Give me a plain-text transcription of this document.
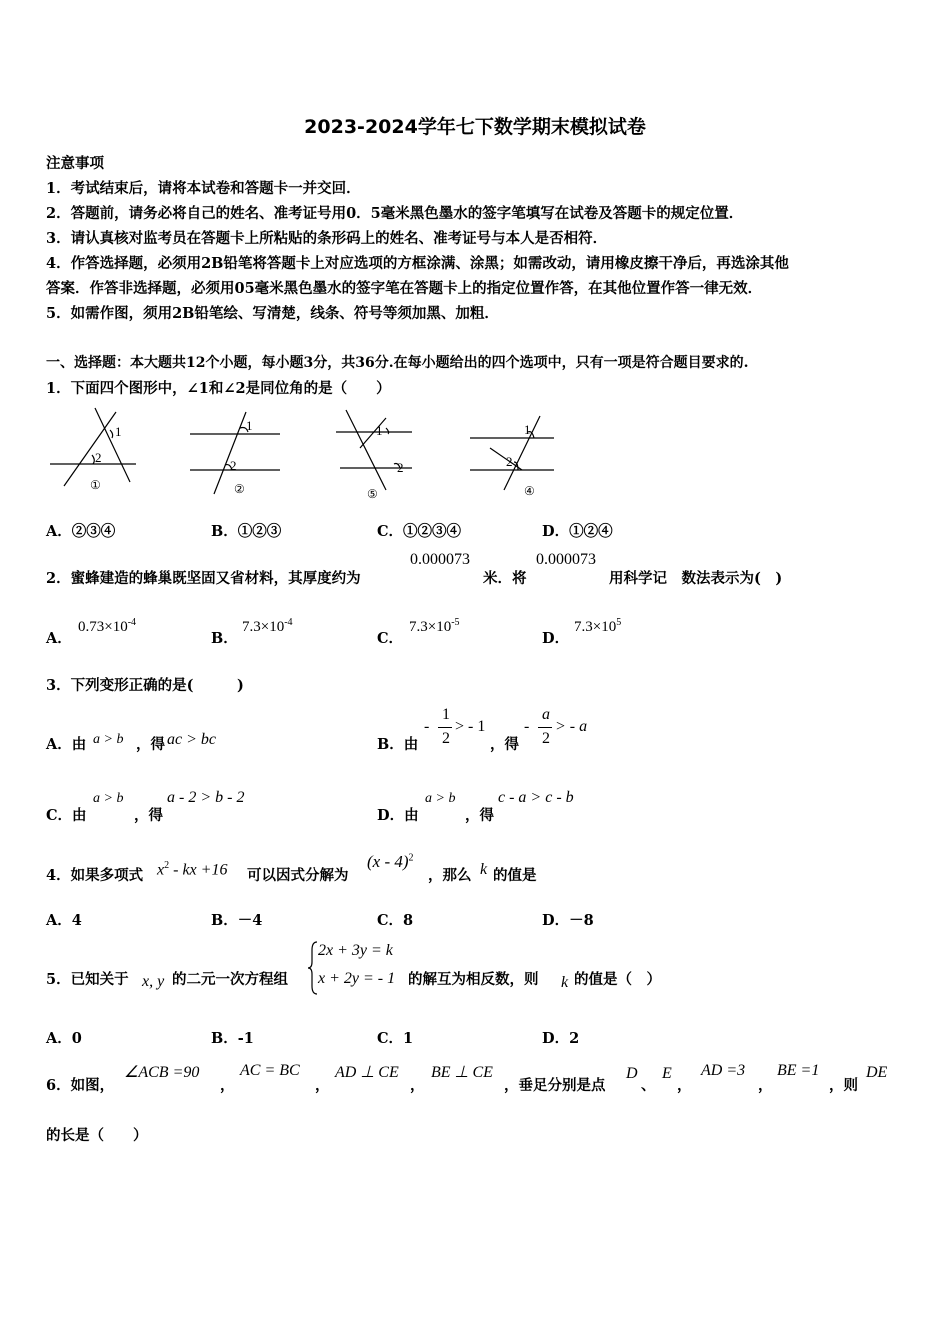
2023-2024学年七下数学期末模拟试卷
注意事项
1．考试结束后，请将本试卷和答题卡一并交回．
2．答题前，请务必将自己的姓名、准考证号用0．5毫米黑色墨水的签字笔填写在试卷及答题卡的规定位置．
3．请认真核对监考员在答题卡上所粘贴的条形码上的姓名、准考证号与本人是否相符．
4．作答选择题，必须用2B铅笔将答题卡上对应选项的方框涂满、涂黑；如需改动，请用橡皮擦干净后，再选涂其他
答案．作答非选择题，必须用05毫米黑色墨水的签字笔在答题卡上的指定位置作答，在其他位置作答一律无效．
5．如需作图，须用2B铅笔绘、写清楚，线条、符号等须加黑、加粗．
一、选择题：本大题共12个小题，每小题3分，共36分.在每小题给出的四个选项中，只有一项是符合题目要求的.
1．下面四个图形中，∠1和∠2是同位角的是（　　）
1
2
①
1
2
②
1
2
⑤
1
2
④
A．②③④	B．①②③	C．①②③④	D．①②④
2．蜜蜂建造的蜂巢既坚固又省材料，其厚度约为
0.000073
米．将
0.000073
用科学记　数法表示为(　)
A．
$0.73\times 10^{-4}$
B．
$7.3\times 10^{-4}$
C．
$7.3\times 10^{-5}$
D．
$7.3\times 10^5$
3．下列变形正确的是(　　　)
A．由 a > b ，得 ac > bc	B．由
-
1
2
> - 1
，得
-
a
2
> - a
C．由
a > b
，得
a - 2 > b - 2
D．由
a > b
，得
c - a > c - b
4．如果多项式 $x^2$ - kx +16 可以因式分解为
(x - 4)$^2$
，那么 k 的值是
A．4	B．－4	C．8	D．－8
5．已知关于 x, y 的二元一次方程组
2x + 3y = k
x + 2y = - 1 的解互为相反数，则 k 的值是（　）
A．0	B．-1	C．1	D．2
6．如图，
∠ACB =90
，
AC = BC
，
AD ⊥ CE
，
BE ⊥ CE
，垂足分别是点
D
、
E
，
AD =3
，
BE =1
，则
DE
的长是（　　）
